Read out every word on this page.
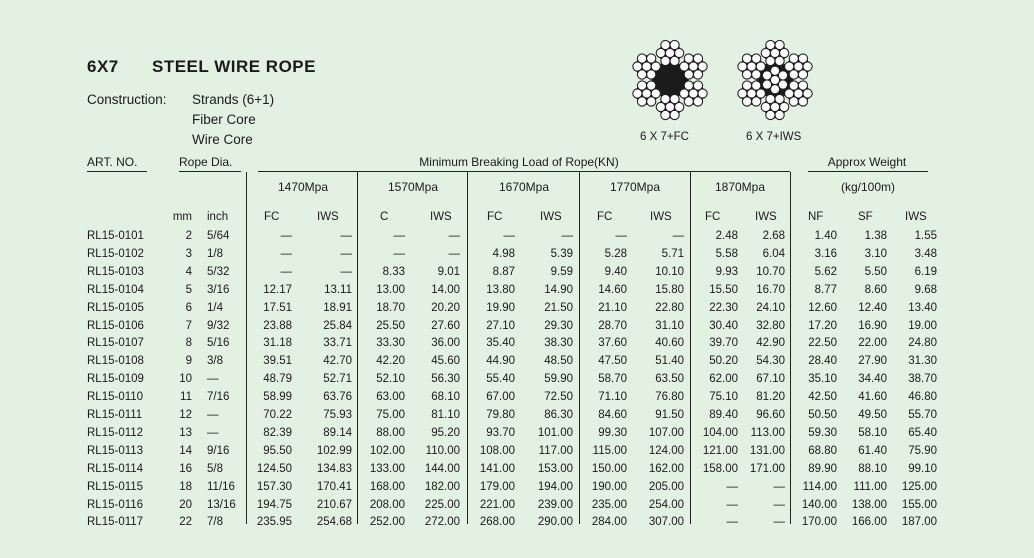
6X7 STEEL WIRE ROPE
Construction: Strands (6+1)
Fiber Core
Wire Core	6 X 7+FC	6 X 7+IWS
ART. NO.	Rope Dia.	Minimum Breaking Load of Rope(KN)	Approx Weight
1470Mpa	1570Mpa	1670Mpa	1770Mpa	1870Mpa	(kg/100m)
mm inch	FC	IWS	C	IWS	FC	IWS	FC	IWS	FC	IWS	NF	SF	IWS
RL15-0101	2 5/64	—	—	—	—	—	—	—	—	2.48	2.68	1.40	1.38	1.55
RL15-0102	3 1/8	—	—	—	—	4.98	5.39	5.28	5.71	5.58	6.04	3.16	3.10	3.48
RL15-0103	4 5/32	—	—	8.33	9.01	8.87	9.59	9.40	10.10	9.93	10.70	5.62	5.50	6.19
RL15-0104	5 3/16	12.17	13.11	13.00	14.00	13.80	14.90	14.60	15.80	15.50	16.70	8.77	8.60	9.68
RL15-0105	6 1/4	17.51	18.91	18.70	20.20	19.90	21.50	21.10	22.80	22.30	24.10	12.60	12.40	13.40
RL15-0106	7 9/32	23.88	25.84	25.50	27.60	27.10	29.30	28.70	31.10	30.40	32.80	17.20	16.90	19.00
RL15-0107	8 5/16	31.18	33.71	33.30	36.00	35.40	38.30	37.60	40.60	39.70	42.90	22.50	22.00	24.80
RL15-0108	9 3/8	39.51	42.70	42.20	45.60	44.90	48.50	47.50	51.40	50.20	54.30	28.40	27.90	31.30
RL15-0109	10 —	48.79	52.71	52.10	56.30	55.40	59.90	58.70	63.50	62.00	67.10	35.10	34.40	38.70
RL15-0110	11 7/16	58.99	63.76	63.00	68.10	67.00	72.50	71.10	76.80	75.10	81.20	42.50	41.60	46.80
RL15-0111	12 —	70.22	75.93	75.00	81.10	79.80	86.30	84.60	91.50	89.40	96.60	50.50	49.50	55.70
RL15-0112	13 —	82.39	89.14	88.00	95.20	93.70	101.00	99.30	107.00	104.00	113.00	59.30	58.10	65.40
RL15-0113	14 9/16	95.50	102.99	102.00	110.00	108.00	117.00	115.00	124.00	121.00	131.00	68.80	61.40	75.90
RL15-0114	16 5/8	124.50	134.83	133.00	144.00	141.00	153.00	150.00	162.00	158.00	171.00	89.90	88.10	99.10
RL15-0115	18 11/16	157.30	170.41	168.00	182.00	179.00	194.00	190.00	205.00	—	—	114.00	111.00	125.00
RL15-0116	20 13/16	194.75	210.67	208.00	225.00	221.00	239.00	235.00	254.00	—	—	140.00	138.00	155.00
RL15-0117	22 7/8	235.95	254.68	252.00	272.00	268.00	290.00	284.00	307.00	—	—	170.00	166.00	187.00
